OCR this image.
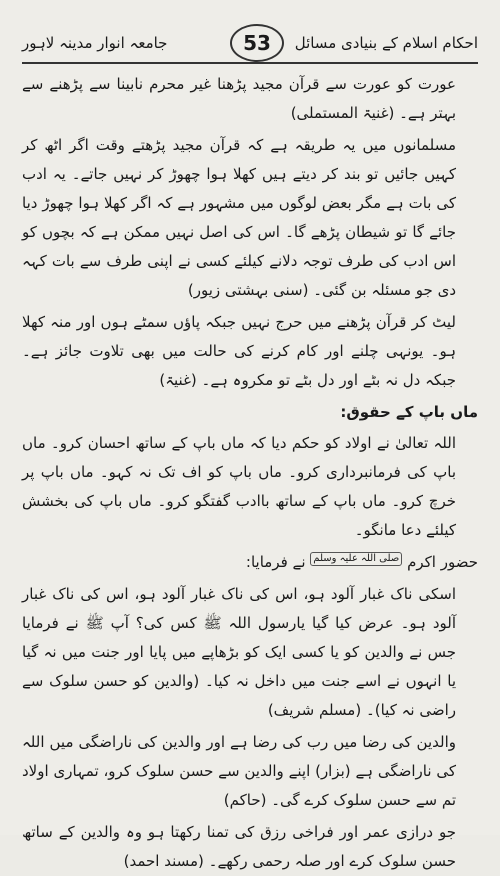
احکام اسلام کے بنیادی مسائل
53
جامعہ انوار مدینہ لاہور

عورت کو عورت سے قرآن مجید پڑھنا غیر محرم نابینا سے پڑھنے سے بہتر ہے۔ (غنیۃ المستملی)

مسلمانوں میں یہ طریقہ ہے کہ قرآن مجید پڑھتے وقت اگر اٹھ کر کہیں جائیں تو بند کر دیتے ہیں کھلا ہوا چھوڑ کر نہیں جاتے۔ یہ ادب کی بات ہے مگر بعض لوگوں میں مشہور ہے کہ اگر کھلا ہوا چھوڑ دیا جائے گا تو شیطان پڑھے گا۔ اس کی اصل نہیں ممکن ہے کہ بچوں کو اس ادب کی طرف توجہ دلانے کیلئے کسی نے اپنی طرف سے بات کہہ دی جو مسئلہ بن گئی۔ (سنی بہشتی زیور)

لیٹ کر قرآن پڑھنے میں حرج نہیں جبکہ پاؤں سمٹے ہوں اور منہ کھلا ہو۔ یونہی چلنے اور کام کرنے کی حالت میں بھی تلاوت جائز ہے۔ جبکہ دل نہ بٹے اور دل بٹے تو مکروہ ہے۔ (غنیۃ)

ماں باپ کے حقوق:

اللہ تعالیٰ نے اولاد کو حکم دیا کہ ماں باپ کے ساتھ احسان کرو۔ ماں باپ کی فرمانبرداری کرو۔ ماں باپ کو اف تک نہ کہو۔ ماں باپ پر خرچ کرو۔ ماں باپ کے ساتھ باادب گفتگو کرو۔ ماں باپ کی بخشش کیلئے دعا مانگو۔

حضور اکرم صلی اللہ علیہ وسلم نے فرمایا:

اسکی ناک غبار آلود ہو، اس کی ناک غبار آلود ہو، اس کی ناک غبار آلود ہو۔ عرض کیا گیا یارسول اللہ ﷺ کس کی؟ آپ ﷺ نے فرمایا جس نے والدین کو یا کسی ایک کو بڑھاپے میں پایا اور جنت میں نہ گیا یا انہوں نے اسے جنت میں داخل نہ کیا۔ (والدین کو حسن سلوک سے راضی نہ کیا)۔ (مسلم شریف)

والدین کی رضا میں رب کی رضا ہے اور والدین کی ناراضگی میں اللہ کی ناراضگی ہے (بزار) اپنے والدین سے حسن سلوک کرو، تمہاری اولاد تم سے حسن سلوک کرے گی۔ (حاکم)

جو درازی عمر اور فراخی رزق کی تمنا رکھتا ہو وہ والدین کے ساتھ حسن سلوک کرے اور صلہ رحمی رکھے۔ (مسند احمد)
